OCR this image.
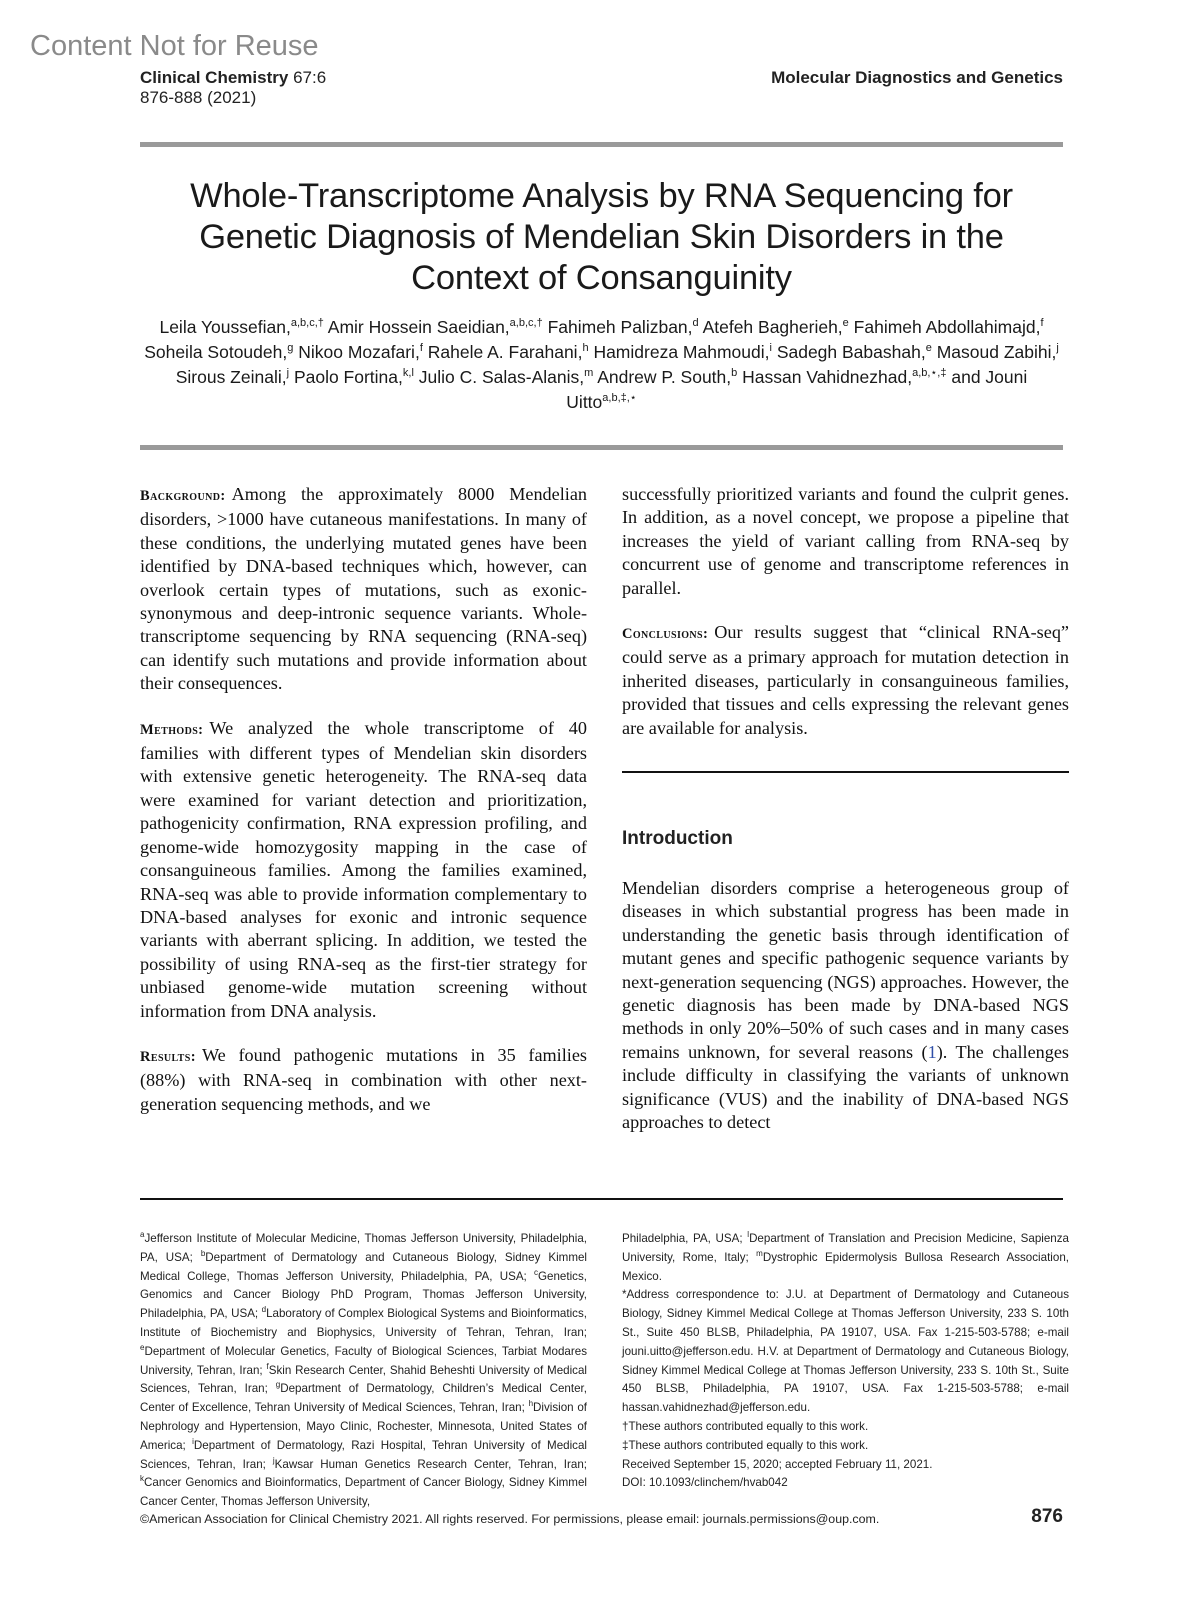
Content Not for Reuse
Clinical Chemistry 67:6
876-888 (2021)
Molecular Diagnostics and Genetics
Whole-Transcriptome Analysis by RNA Sequencing for Genetic Diagnosis of Mendelian Skin Disorders in the Context of Consanguinity
Leila Youssefian,$^{a,b,c,\dagger}$ Amir Hossein Saeidian,$^{a,b,c,\dagger}$ Fahimeh Palizban,$^d$ Atefeh Bagherieh,$^e$ Fahimeh Abdollahimajd,$^f$ Soheila Sotoudeh,$^g$ Nikoo Mozafari,$^f$ Rahele A. Farahani,$^h$ Hamidreza Mahmoudi,$^i$ Sadegh Babashah,$^e$ Masoud Zabihi,$^j$ Sirous Zeinali,$^j$ Paolo Fortina,$^{k,l}$ Julio C. Salas-Alanis,$^m$ Andrew P. South,$^b$ Hassan Vahidnezhad,$^{a,b,⋆,\ddagger}$ and Jouni Uitto$^{a,b,\ddagger,⋆}$

Background: Among the approximately 8000 Mendelian disorders, >1000 have cutaneous manifestations. In many of these conditions, the underlying mutated genes have been identified by DNA-based techniques which, however, can overlook certain types of mutations, such as exonic-synonymous and deep-intronic sequence variants. Whole-transcriptome sequencing by RNA sequencing (RNA-seq) can identify such mutations and provide information about their consequences.

Methods: We analyzed the whole transcriptome of 40 families with different types of Mendelian skin disorders with extensive genetic heterogeneity. The RNA-seq data were examined for variant detection and prioritization, pathogenicity confirmation, RNA expression profiling, and genome-wide homozygosity mapping in the case of consanguineous families. Among the families examined, RNA-seq was able to provide information complementary to DNA-based analyses for exonic and intronic sequence variants with aberrant splicing. In addition, we tested the possibility of using RNA-seq as the first-tier strategy for unbiased genome-wide mutation screening without information from DNA analysis.

Results: We found pathogenic mutations in 35 families (88%) with RNA-seq in combination with other next-generation sequencing methods, and we

successfully prioritized variants and found the culprit genes. In addition, as a novel concept, we propose a pipeline that increases the yield of variant calling from RNA-seq by concurrent use of genome and transcriptome references in parallel.

Conclusions: Our results suggest that “clinical RNA-seq” could serve as a primary approach for mutation detection in inherited diseases, particularly in consanguineous families, provided that tissues and cells expressing the relevant genes are available for analysis.

Introduction

Mendelian disorders comprise a heterogeneous group of diseases in which substantial progress has been made in understanding the genetic basis through identification of mutant genes and specific pathogenic sequence variants by next-generation sequencing (NGS) approaches. However, the genetic diagnosis has been made by DNA-based NGS methods in only 20%–50% of such cases and in many cases remains unknown, for several reasons (1). The challenges include difficulty in classifying the variants of unknown significance (VUS) and the inability of DNA-based NGS approaches to detect

$^a$Jefferson Institute of Molecular Medicine, Thomas Jefferson University, Philadelphia, PA, USA; $^b$Department of Dermatology and Cutaneous Biology, Sidney Kimmel Medical College, Thomas Jefferson University, Philadelphia, PA, USA; $^c$Genetics, Genomics and Cancer Biology PhD Program, Thomas Jefferson University, Philadelphia, PA, USA; $^d$Laboratory of Complex Biological Systems and Bioinformatics, Institute of Biochemistry and Biophysics, University of Tehran, Tehran, Iran; $^e$Department of Molecular Genetics, Faculty of Biological Sciences, Tarbiat Modares University, Tehran, Iran; $^f$Skin Research Center, Shahid Beheshti University of Medical Sciences, Tehran, Iran; $^g$Department of Dermatology, Children’s Medical Center, Center of Excellence, Tehran University of Medical Sciences, Tehran, Iran; $^h$Division of Nephrology and Hypertension, Mayo Clinic, Rochester, Minnesota, United States of America; $^i$Department of Dermatology, Razi Hospital, Tehran University of Medical Sciences, Tehran, Iran; $^j$Kawsar Human Genetics Research Center, Tehran, Iran; $^k$Cancer Genomics and Bioinformatics, Department of Cancer Biology, Sidney Kimmel Cancer Center, Thomas Jefferson University,

Philadelphia, PA, USA; $^l$Department of Translation and Precision Medicine, Sapienza University, Rome, Italy; $^m$Dystrophic Epidermolysis Bullosa Research Association, Mexico.

*Address correspondence to: J.U. at Department of Dermatology and Cutaneous Biology, Sidney Kimmel Medical College at Thomas Jefferson University, 233 S. 10th St., Suite 450 BLSB, Philadelphia, PA 19107, USA. Fax 1-215-503-5788; e-mail jouni.uitto@jefferson.edu. H.V. at Department of Dermatology and Cutaneous Biology, Sidney Kimmel Medical College at Thomas Jefferson University, 233 S. 10th St., Suite 450 BLSB, Philadelphia, PA 19107, USA. Fax 1-215-503-5788; e-mail hassan.vahidnezhad@jefferson.edu.

†These authors contributed equally to this work.

‡These authors contributed equally to this work.

Received September 15, 2020; accepted February 11, 2021.

DOI: 10.1093/clinchem/hvab042

©American Association for Clinical Chemistry 2021. All rights reserved. For permissions, please email: journals.permissions@oup.com.	876
